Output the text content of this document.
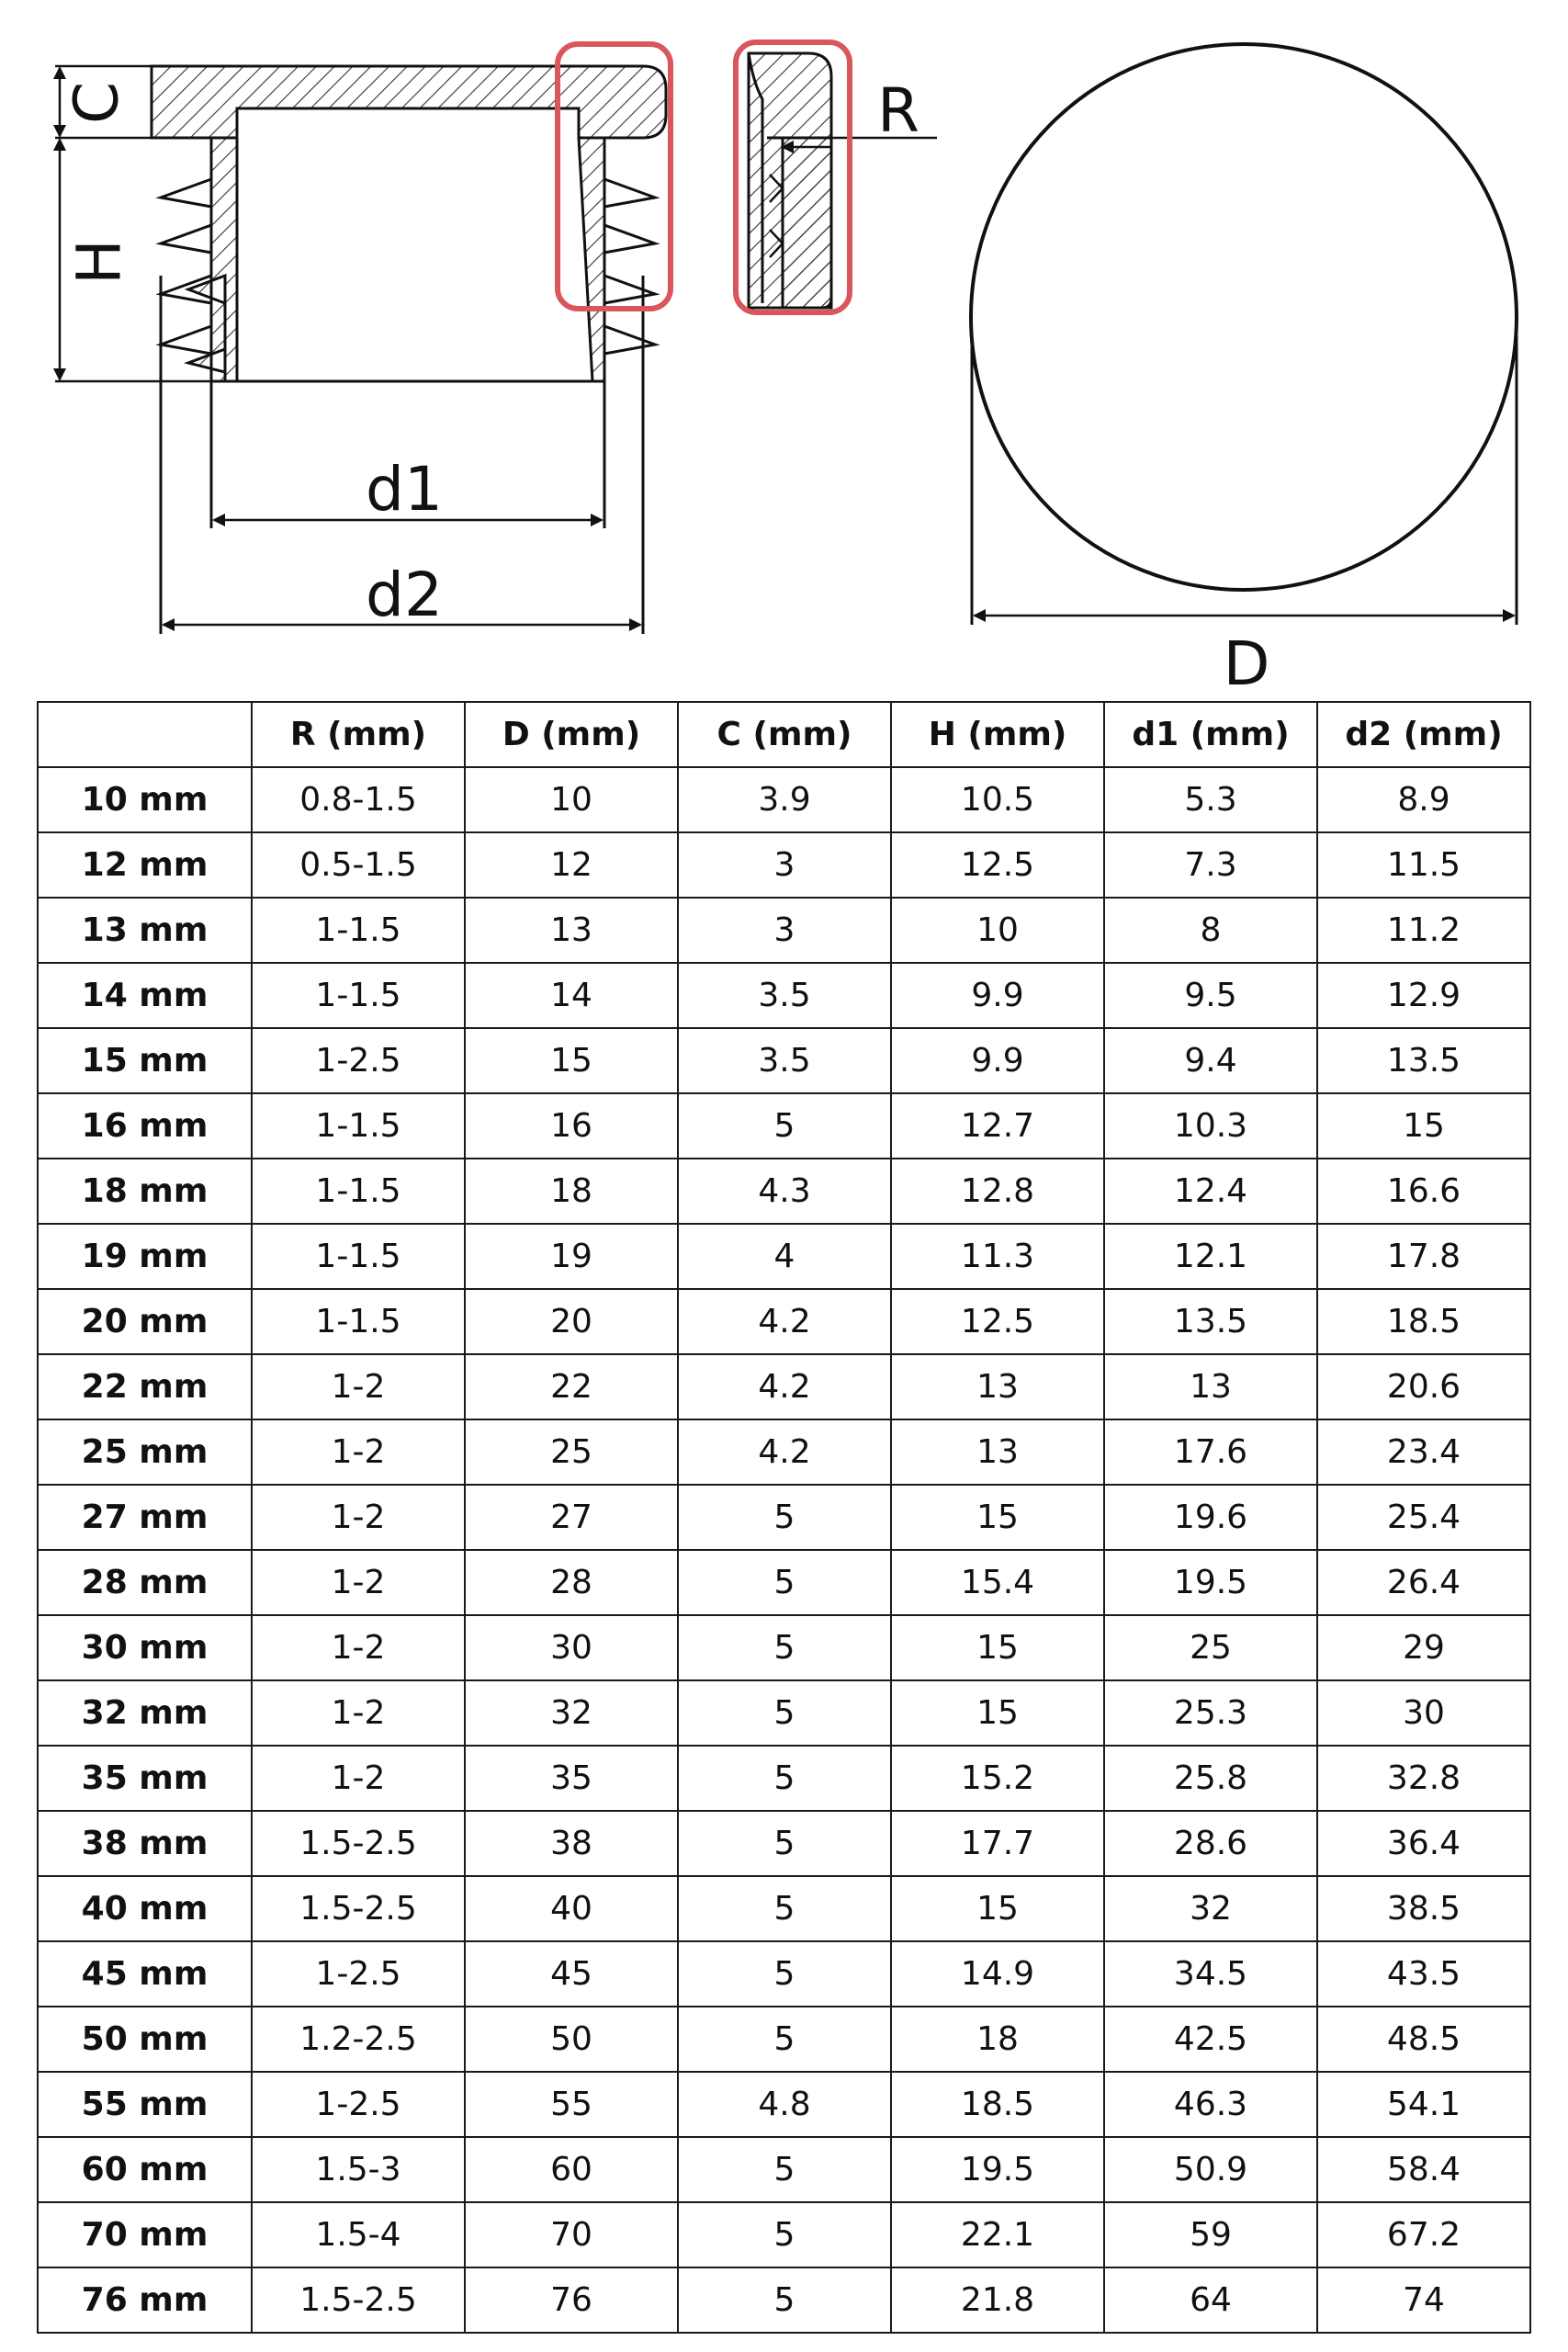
C
H
d1
d2
R
D
	R (mm)	D (mm)	C (mm)	H (mm)	d1 (mm)	d2 (mm)
10 mm	0.8-1.5	10	3.9	10.5	5.3	8.9
12 mm	0.5-1.5	12	3	12.5	7.3	11.5
13 mm	1-1.5	13	3	10	8	11.2
14 mm	1-1.5	14	3.5	9.9	9.5	12.9
15 mm	1-2.5	15	3.5	9.9	9.4	13.5
16 mm	1-1.5	16	5	12.7	10.3	15
18 mm	1-1.5	18	4.3	12.8	12.4	16.6
19 mm	1-1.5	19	4	11.3	12.1	17.8
20 mm	1-1.5	20	4.2	12.5	13.5	18.5
22 mm	1-2	22	4.2	13	13	20.6
25 mm	1-2	25	4.2	13	17.6	23.4
27 mm	1-2	27	5	15	19.6	25.4
28 mm	1-2	28	5	15.4	19.5	26.4
30 mm	1-2	30	5	15	25	29
32 mm	1-2	32	5	15	25.3	30
35 mm	1-2	35	5	15.2	25.8	32.8
38 mm	1.5-2.5	38	5	17.7	28.6	36.4
40 mm	1.5-2.5	40	5	15	32	38.5
45 mm	1-2.5	45	5	14.9	34.5	43.5
50 mm	1.2-2.5	50	5	18	42.5	48.5
55 mm	1-2.5	55	4.8	18.5	46.3	54.1
60 mm	1.5-3	60	5	19.5	50.9	58.4
70 mm	1.5-4	70	5	22.1	59	67.2
76 mm	1.5-2.5	76	5	21.8	64	74
